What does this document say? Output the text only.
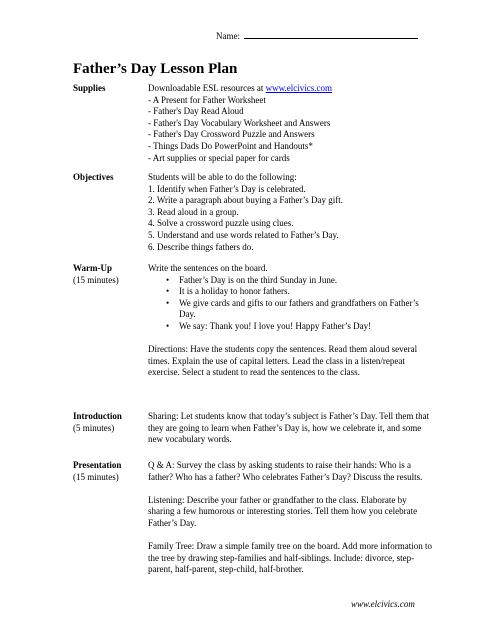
Name:
Father’s Day Lesson Plan
Supplies	Downloadable ESL resources at www.elcivics.com
- A Present for Father Worksheet
- Father's Day Read Aloud
- Father's Day Vocabulary Worksheet and Answers
- Father's Day Crossword Puzzle and Answers
- Things Dads Do PowerPoint and Handouts*
- Art supplies or special paper for cards
Objectives	Students will be able to do the following:
1. Identify when Father’s Day is celebrated.
2. Write a paragraph about buying a Father’s Day gift.
3. Read aloud in a group.
4. Solve a crossword puzzle using clues.
5. Understand and use words related to Father’s Day.
6. Describe things fathers do.
Warm-Up
(15 minutes)
Write the sentences on the board.
• Father’s Day is on the third Sunday in June.
• It is a holiday to honor fathers.
• We give cards and gifts to our fathers and grandfathers on Father’s Day.
• We say: Thank you! I love you! Happy Father’s Day!

Directions: Have the students copy the sentences. Read them aloud several times. Explain the use of capital letters. Lead the class in a listen/repeat exercise. Select a student to read the sentences to the class.

Introduction
(5 minutes)

Sharing: Let students know that today’s subject is Father’s Day. Tell them that they are going to learn when Father’s Day is, how we celebrate it, and some new vocabulary words.

Presentation
(15 minutes)

Q & A: Survey the class by asking students to raise their hands: Who is a father? Who has a father? Who celebrates Father’s Day? Discuss the results.

Listening: Describe your father or grandfather to the class. Elaborate by sharing a few humorous or interesting stories. Tell them how you celebrate Father’s Day.

Family Tree: Draw a simple family tree on the board. Add more information to the tree by drawing step-families and half-siblings. Include: divorce, step-parent, half-parent, step-child, half-brother.

www.elcivics.com
